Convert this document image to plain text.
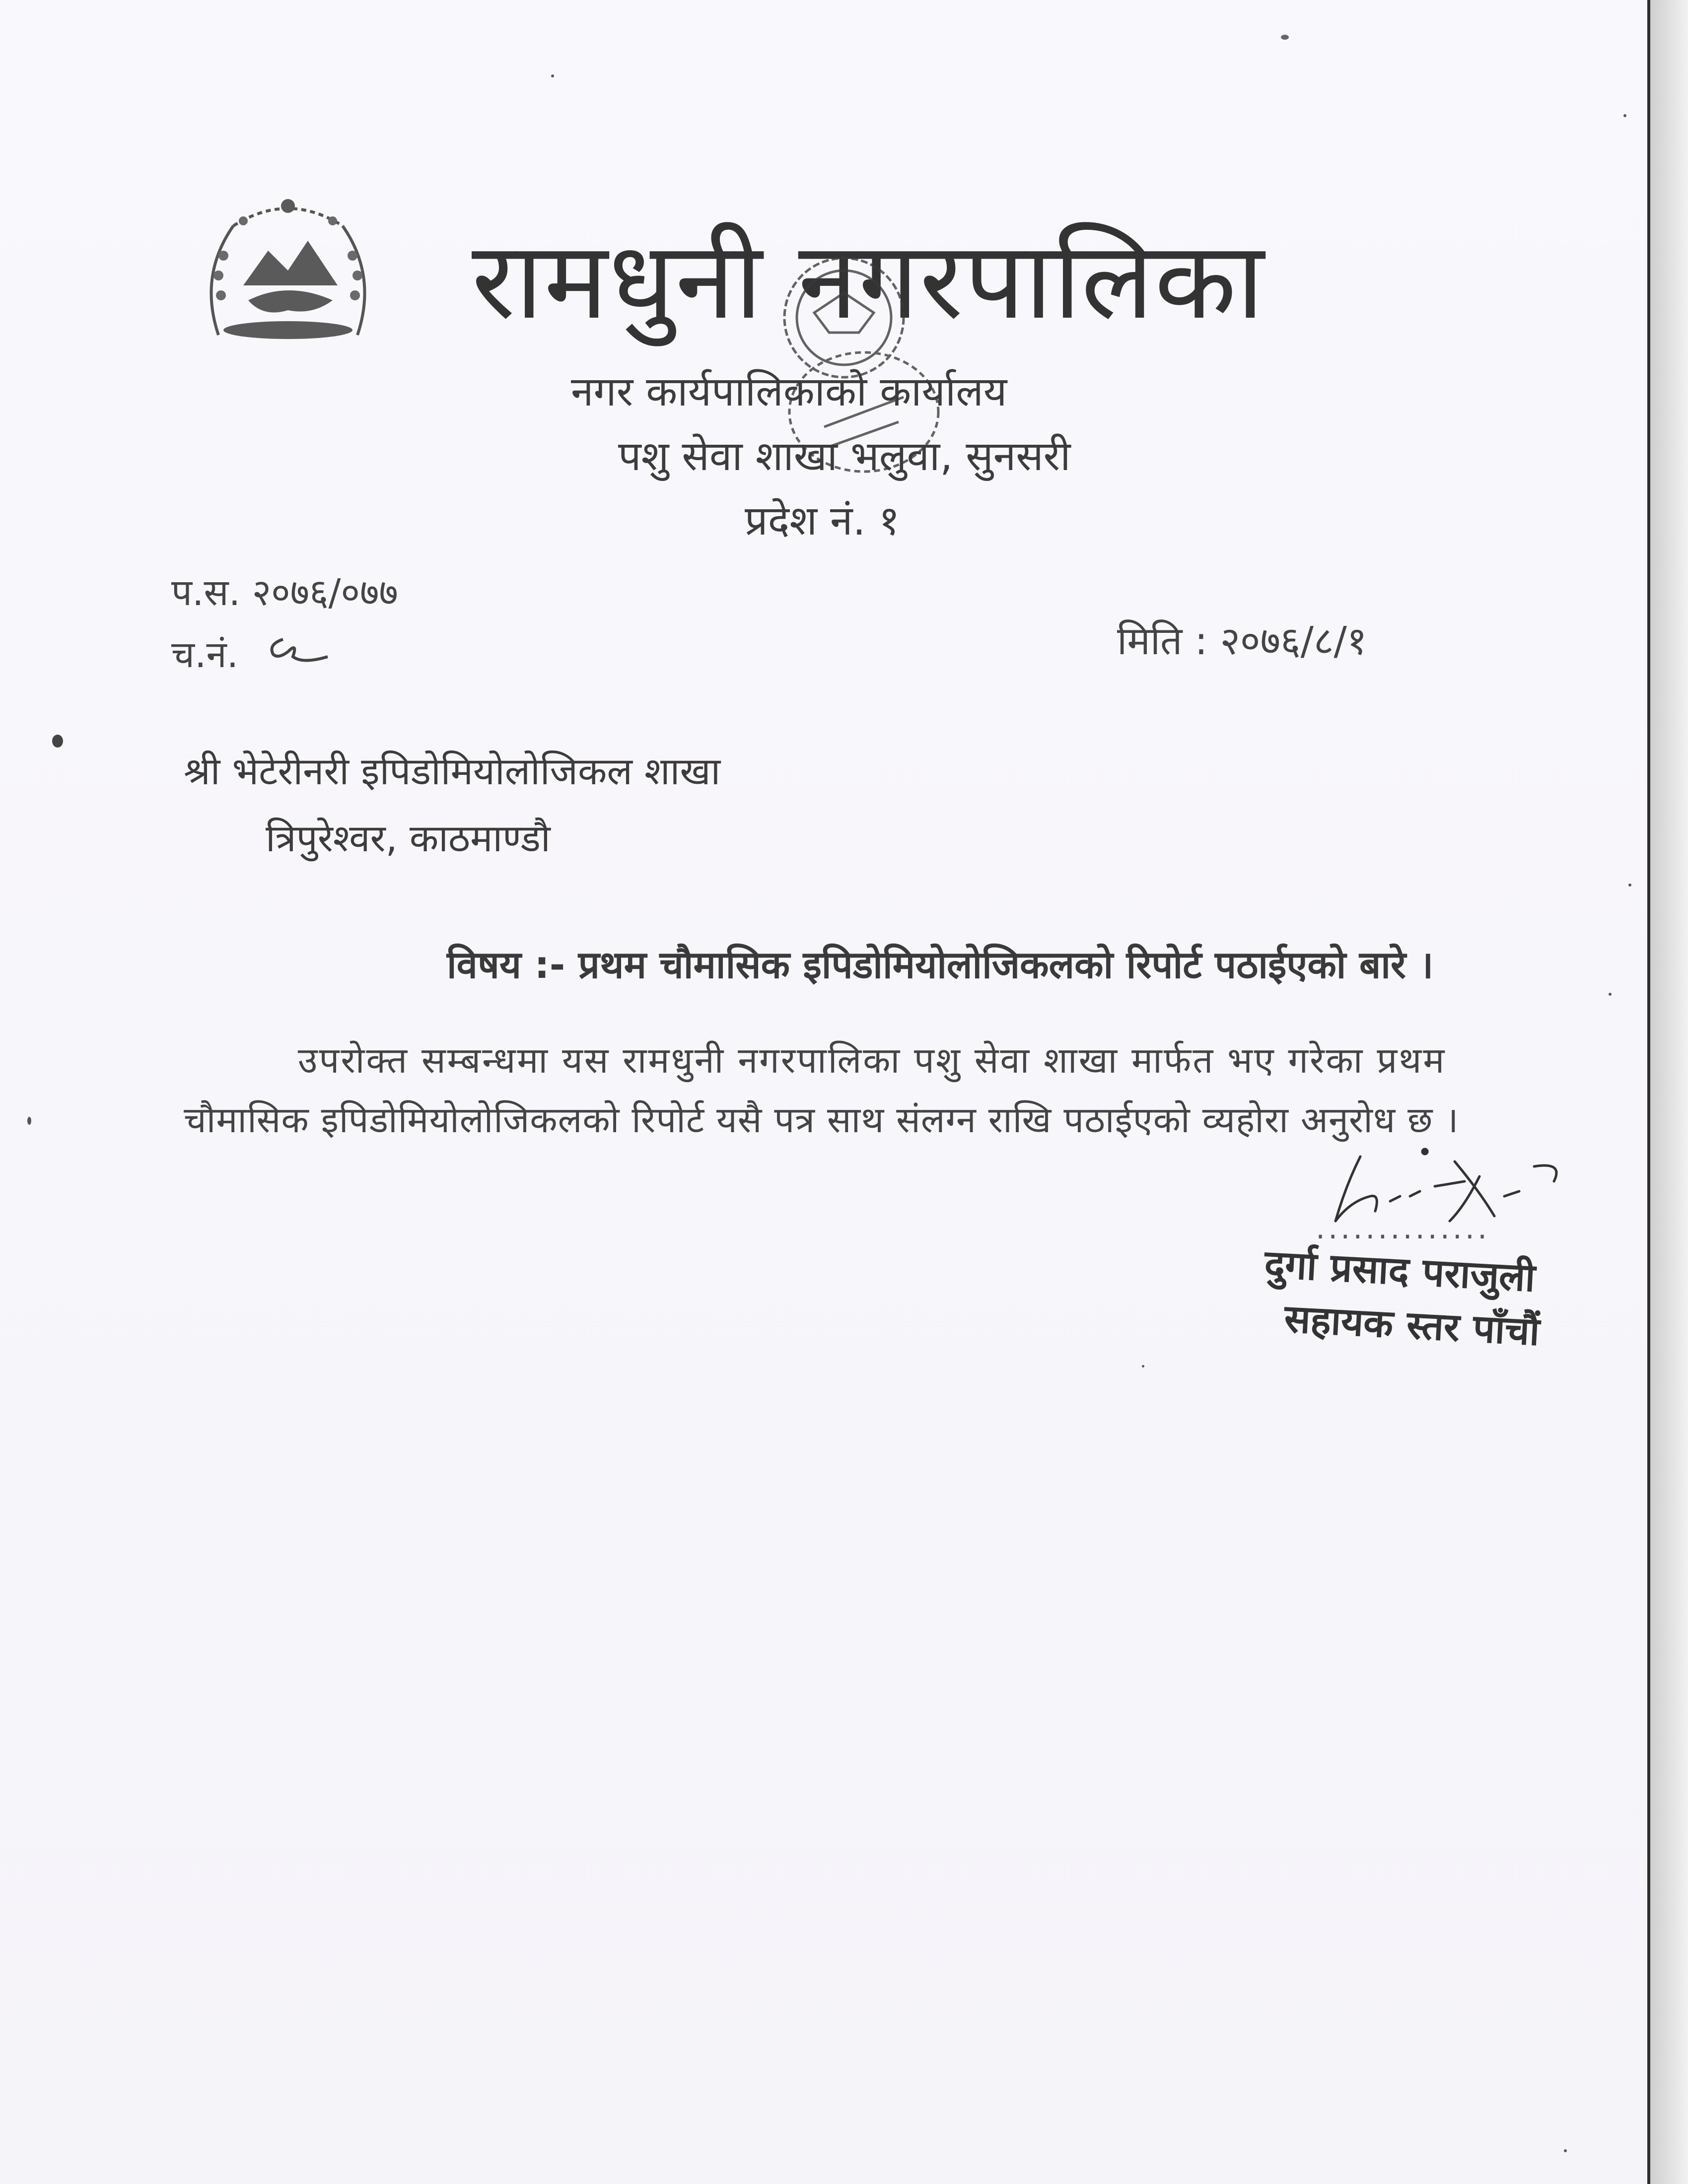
रामधुनी नगरपालिका
नगर कार्यपालिकाको कार्यालय
पशु सेवा शाखा भलुवा, सुनसरी
प्रदेश नं. १
प.स. २०७६/०७७
च.नं.	मिति : २०७६/८/१
श्री भेटेरीनरी इपिडोमियोलोजिकल शाखा
त्रिपुरेश्वर, काठमाण्डौ
विषय :- प्रथम चौमासिक इपिडोमियोलोजिकलको रिपोर्ट पठाईएको बारे ।
उपरोक्त सम्बन्धमा यस रामधुनी नगरपालिका पशु सेवा शाखा मार्फत भए गरेका प्रथम
चौमासिक इपिडोमियोलोजिकलको रिपोर्ट यसै पत्र साथ संलग्न राखि पठाईएको व्यहोरा अनुरोध छ ।
..............
दुर्गा प्रसाद पराजुली
सहायक स्तर पाँचौं
